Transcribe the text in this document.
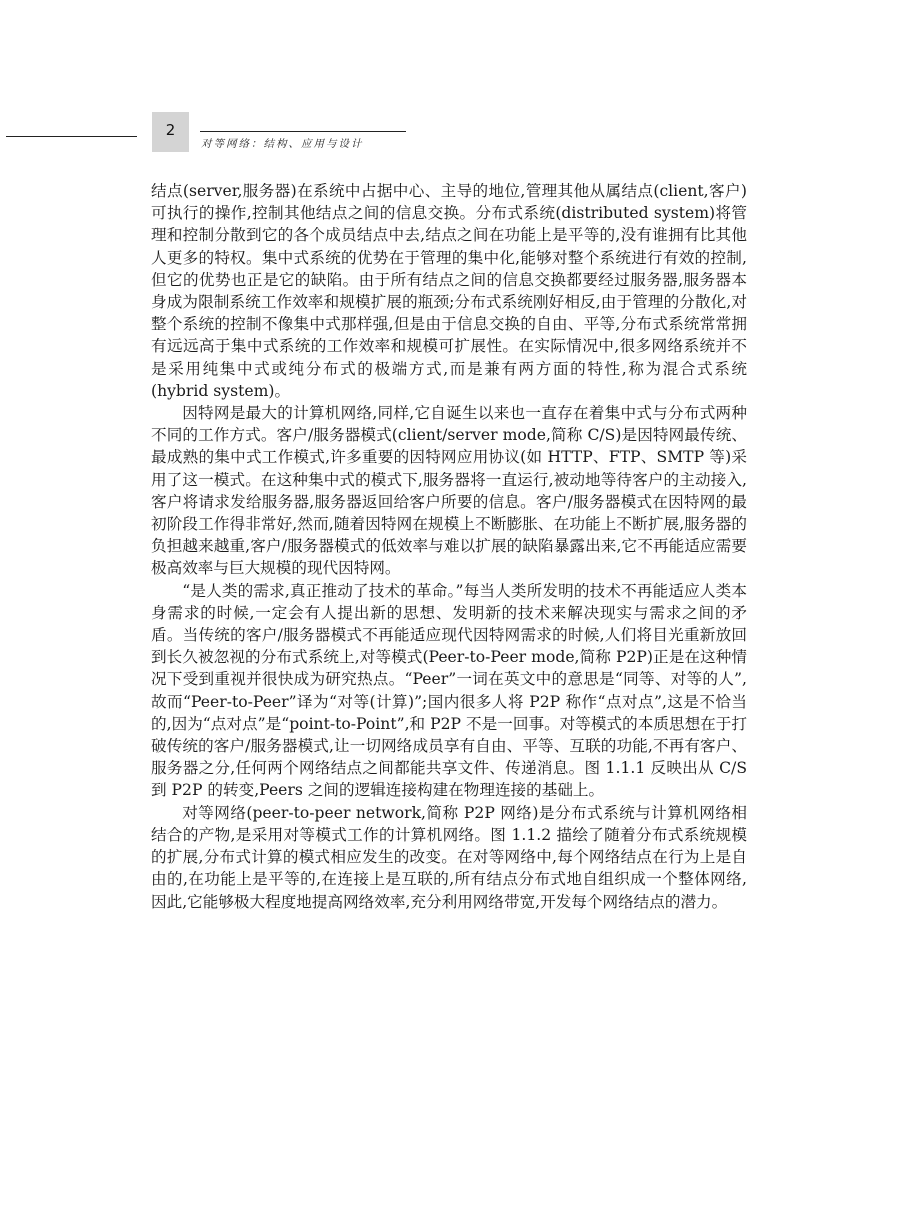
2
对等网络：结构、应用与设计

结点(server,服务器)在系统中占据中心、主导的地位,管理其他从属结点(client,客户)可执行的操作,控制其他结点之间的信息交换。分布式系统(distributed system)将管理和控制分散到它的各个成员结点中去,结点之间在功能上是平等的,没有谁拥有比其他人更多的特权。集中式系统的优势在于管理的集中化,能够对整个系统进行有效的控制,但它的优势也正是它的缺陷。由于所有结点之间的信息交换都要经过服务器,服务器本身成为限制系统工作效率和规模扩展的瓶颈;分布式系统刚好相反,由于管理的分散化,对整个系统的控制不像集中式那样强,但是由于信息交换的自由、平等,分布式系统常常拥有远远高于集中式系统的工作效率和规模可扩展性。在实际情况中,很多网络系统并不是采用纯集中式或纯分布式的极端方式,而是兼有两方面的特性,称为混合式系统(hybrid system)。

因特网是最大的计算机网络,同样,它自诞生以来也一直存在着集中式与分布式两种不同的工作方式。客户/服务器模式(client/server mode,简称 C/S)是因特网最传统、最成熟的集中式工作模式,许多重要的因特网应用协议(如 HTTP、FTP、SMTP 等)采用了这一模式。在这种集中式的模式下,服务器将一直运行,被动地等待客户的主动接入,客户将请求发给服务器,服务器返回给客户所要的信息。客户/服务器模式在因特网的最初阶段工作得非常好,然而,随着因特网在规模上不断膨胀、在功能上不断扩展,服务器的负担越来越重,客户/服务器模式的低效率与难以扩展的缺陷暴露出来,它不再能适应需要极高效率与巨大规模的现代因特网。

“是人类的需求,真正推动了技术的革命。”每当人类所发明的技术不再能适应人类本身需求的时候,一定会有人提出新的思想、发明新的技术来解决现实与需求之间的矛盾。当传统的客户/服务器模式不再能适应现代因特网需求的时候,人们将目光重新放回到长久被忽视的分布式系统上,对等模式(Peer-to-Peer mode,简称 P2P)正是在这种情况下受到重视并很快成为研究热点。“Peer”一词在英文中的意思是“同等、对等的人”,故而“Peer-to-Peer”译为“对等(计算)”;国内很多人将 P2P 称作“点对点”,这是不恰当的,因为“点对点”是“point-to-Point”,和 P2P 不是一回事。对等模式的本质思想在于打破传统的客户/服务器模式,让一切网络成员享有自由、平等、互联的功能,不再有客户、服务器之分,任何两个网络结点之间都能共享文件、传递消息。图 1.1.1 反映出从 C/S 到 P2P 的转变,Peers 之间的逻辑连接构建在物理连接的基础上。

对等网络(peer-to-peer network,简称 P2P 网络)是分布式系统与计算机网络相结合的产物,是采用对等模式工作的计算机网络。图 1.1.2 描绘了随着分布式系统规模的扩展,分布式计算的模式相应发生的改变。在对等网络中,每个网络结点在行为上是自由的,在功能上是平等的,在连接上是互联的,所有结点分布式地自组织成一个整体网络,因此,它能够极大程度地提高网络效率,充分利用网络带宽,开发每个网络结点的潜力。
